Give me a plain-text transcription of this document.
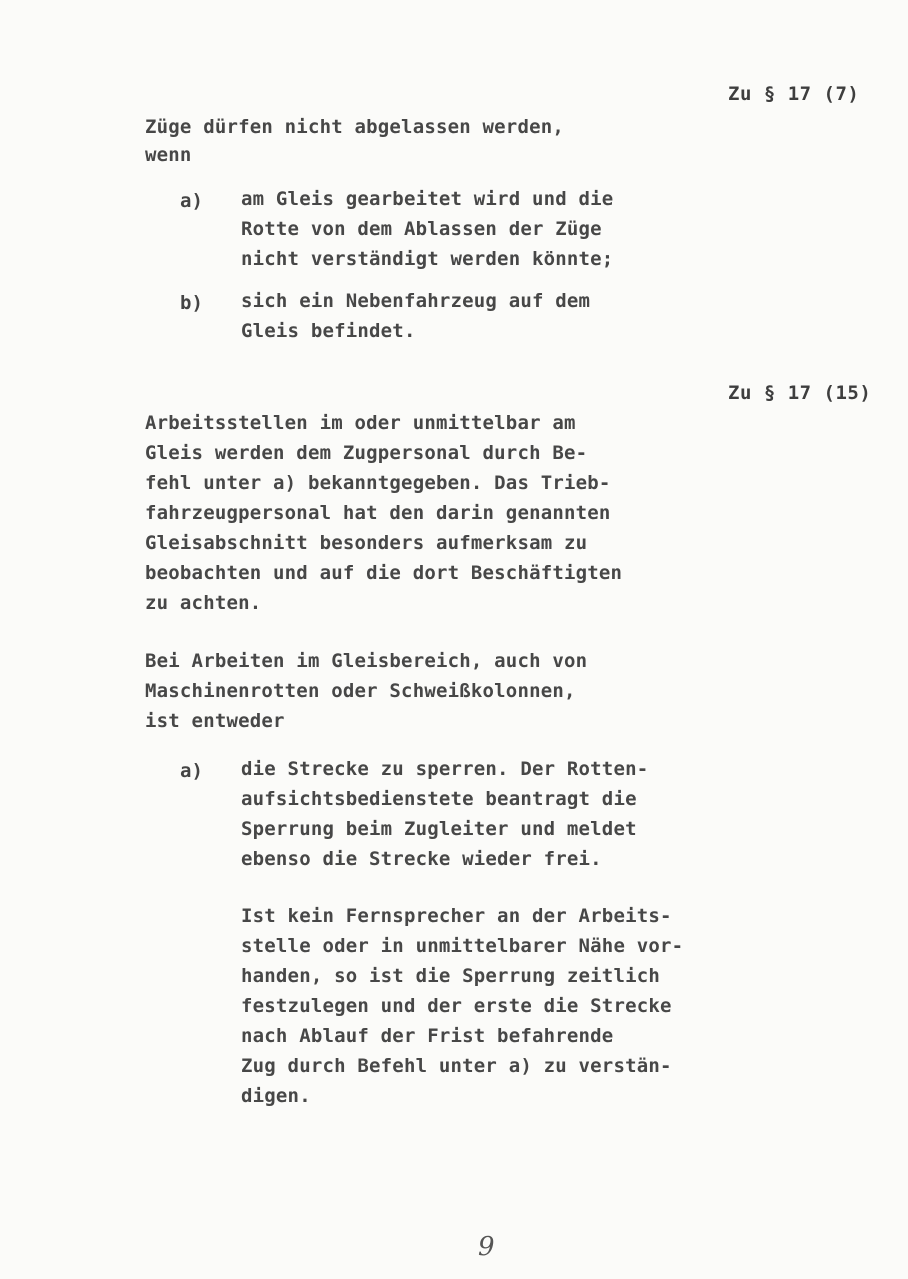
Zu § 17 (7)
Züge dürfen nicht abgelassen werden,
wenn
a) am Gleis gearbeitet wird und die
Rotte von dem Ablassen der Züge
nicht verständigt werden könnte;
b) sich ein Nebenfahrzeug auf dem
Gleis befindet.
Zu § 17 (15)
Arbeitsstellen im oder unmittelbar am
Gleis werden dem Zugpersonal durch Be-
fehl unter a) bekanntgegeben. Das Trieb-
fahrzeugpersonal hat den darin genannten
Gleisabschnitt besonders aufmerksam zu
beobachten und auf die dort Beschäftigten
zu achten.
Bei Arbeiten im Gleisbereich, auch von
Maschinenrotten oder Schweißkolonnen,
ist entweder
a) die Strecke zu sperren. Der Rotten-
aufsichtsbedienstete beantragt die
Sperrung beim Zugleiter und meldet
ebenso die Strecke wieder frei.
Ist kein Fernsprecher an der Arbeits-
stelle oder in unmittelbarer Nähe vor-
handen, so ist die Sperrung zeitlich
festzulegen und der erste die Strecke
nach Ablauf der Frist befahrende
Zug durch Befehl unter a) zu verstän-
digen.
9
